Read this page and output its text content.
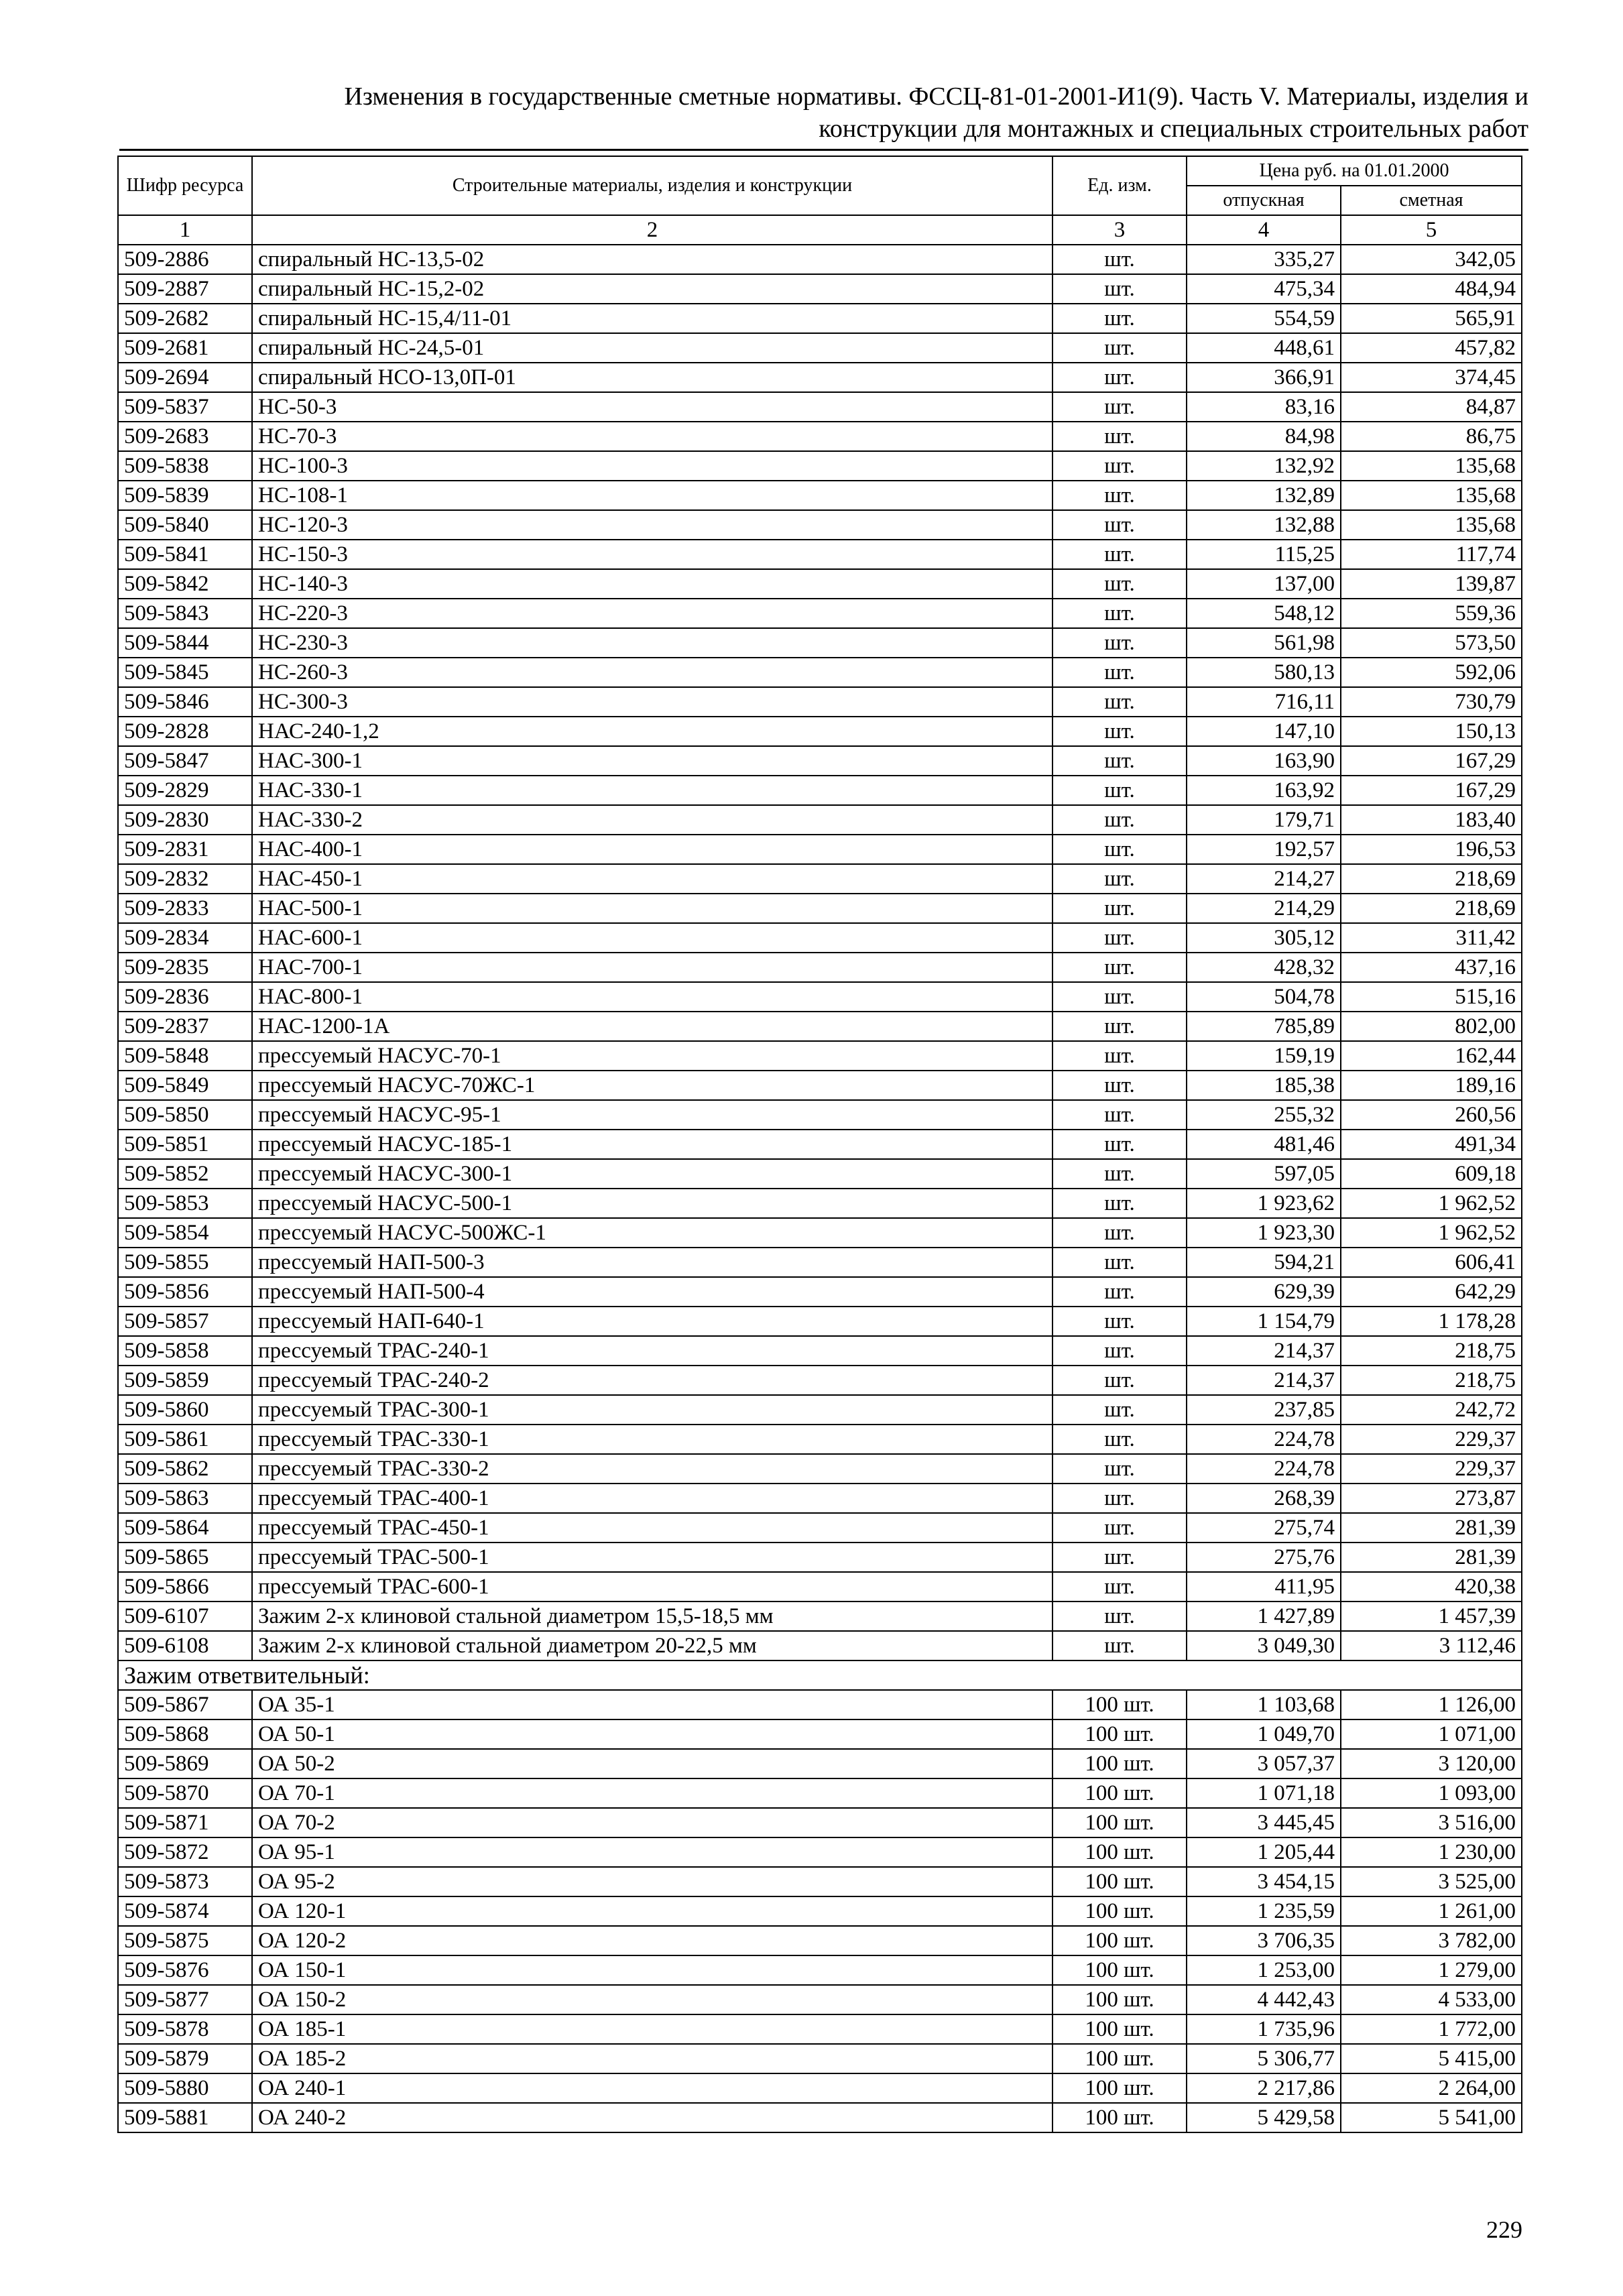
Изменения в государственные сметные нормативы. ФССЦ-81-01-2001-И1(9). Часть V. Материалы, изделия и
конструкции для монтажных и специальных строительных работ
Шифр ресурса	Строительные материалы, изделия и конструкции	Ед. изм.	Цена руб. на 01.01.2000	
			отпускная	сметная
1	2	3	4	5
509-2886	спиральный НС-13,5-02	шт.	335,27	342,05
509-2887	спиральный НС-15,2-02	шт.	475,34	484,94
509-2682	спиральный НС-15,4/11-01	шт.	554,59	565,91
509-2681	спиральный НС-24,5-01	шт.	448,61	457,82
509-2694	спиральный НСО-13,0П-01	шт.	366,91	374,45
509-5837	НС-50-3	шт.	83,16	84,87
509-2683	НС-70-3	шт.	84,98	86,75
509-5838	НС-100-3	шт.	132,92	135,68
509-5839	НС-108-1	шт.	132,89	135,68
509-5840	НС-120-3	шт.	132,88	135,68
509-5841	НС-150-3	шт.	115,25	117,74
509-5842	НС-140-3	шт.	137,00	139,87
509-5843	НС-220-3	шт.	548,12	559,36
509-5844	НС-230-3	шт.	561,98	573,50
509-5845	НС-260-3	шт.	580,13	592,06
509-5846	НС-300-3	шт.	716,11	730,79
509-2828	НАС-240-1,2	шт.	147,10	150,13
509-5847	НАС-300-1	шт.	163,90	167,29
509-2829	НАС-330-1	шт.	163,92	167,29
509-2830	НАС-330-2	шт.	179,71	183,40
509-2831	НАС-400-1	шт.	192,57	196,53
509-2832	НАС-450-1	шт.	214,27	218,69
509-2833	НАС-500-1	шт.	214,29	218,69
509-2834	НАС-600-1	шт.	305,12	311,42
509-2835	НАС-700-1	шт.	428,32	437,16
509-2836	НАС-800-1	шт.	504,78	515,16
509-2837	НАС-1200-1А	шт.	785,89	802,00
509-5848	прессуемый НАСУС-70-1	шт.	159,19	162,44
509-5849	прессуемый НАСУС-70ЖС-1	шт.	185,38	189,16
509-5850	прессуемый НАСУС-95-1	шт.	255,32	260,56
509-5851	прессуемый НАСУС-185-1	шт.	481,46	491,34
509-5852	прессуемый НАСУС-300-1	шт.	597,05	609,18
509-5853	прессуемый НАСУС-500-1	шт.	1 923,62	1 962,52
509-5854	прессуемый НАСУС-500ЖС-1	шт.	1 923,30	1 962,52
509-5855	прессуемый НАП-500-3	шт.	594,21	606,41
509-5856	прессуемый НАП-500-4	шт.	629,39	642,29
509-5857	прессуемый НАП-640-1	шт.	1 154,79	1 178,28
509-5858	прессуемый ТРАС-240-1	шт.	214,37	218,75
509-5859	прессуемый ТРАС-240-2	шт.	214,37	218,75
509-5860	прессуемый ТРАС-300-1	шт.	237,85	242,72
509-5861	прессуемый ТРАС-330-1	шт.	224,78	229,37
509-5862	прессуемый ТРАС-330-2	шт.	224,78	229,37
509-5863	прессуемый ТРАС-400-1	шт.	268,39	273,87
509-5864	прессуемый ТРАС-450-1	шт.	275,74	281,39
509-5865	прессуемый ТРАС-500-1	шт.	275,76	281,39
509-5866	прессуемый ТРАС-600-1	шт.	411,95	420,38
509-6107	Зажим 2-х клиновой стальной диаметром 15,5-18,5 мм	шт.	1 427,89	1 457,39
509-6108	Зажим 2-х клиновой стальной диаметром 20-22,5 мм	шт.	3 049,30	3 112,46
Зажим ответвительный:				
509-5867	ОА 35-1	100 шт.	1 103,68	1 126,00
509-5868	ОА 50-1	100 шт.	1 049,70	1 071,00
509-5869	ОА 50-2	100 шт.	3 057,37	3 120,00
509-5870	ОА 70-1	100 шт.	1 071,18	1 093,00
509-5871	ОА 70-2	100 шт.	3 445,45	3 516,00
509-5872	ОА 95-1	100 шт.	1 205,44	1 230,00
509-5873	ОА 95-2	100 шт.	3 454,15	3 525,00
509-5874	ОА 120-1	100 шт.	1 235,59	1 261,00
509-5875	ОА 120-2	100 шт.	3 706,35	3 782,00
509-5876	ОА 150-1	100 шт.	1 253,00	1 279,00
509-5877	ОА 150-2	100 шт.	4 442,43	4 533,00
509-5878	ОА 185-1	100 шт.	1 735,96	1 772,00
509-5879	ОА 185-2	100 шт.	5 306,77	5 415,00
509-5880	ОА 240-1	100 шт.	2 217,86	2 264,00
509-5881	ОА 240-2	100 шт.	5 429,58	5 541,00
229
